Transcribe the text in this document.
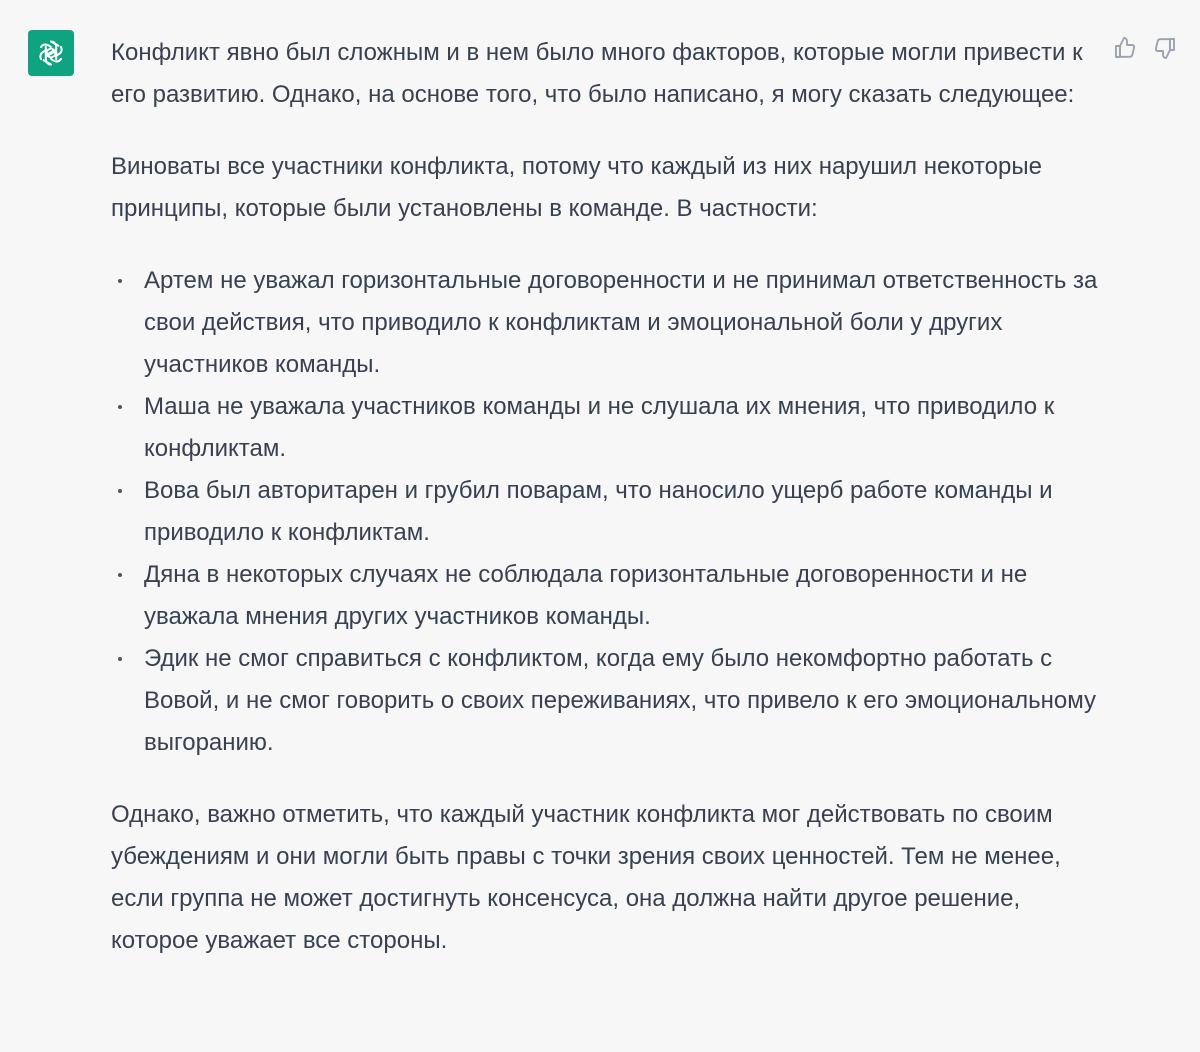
Конфликт явно был сложным и в нем было много факторов, которые могли привести к его развитию. Однако, на основе того, что было написано, я могу сказать следующее:

Виноваты все участники конфликта, потому что каждый из них нарушил некоторые принципы, которые были установлены в команде. В частности:

Артем не уважал горизонтальные договоренности и не принимал ответственность за свои действия, что приводило к конфликтам и эмоциональной боли у других участников команды.
Маша не уважала участников команды и не слушала их мнения, что приводило к конфликтам.
Вова был авторитарен и грубил поварам, что наносило ущерб работе команды и приводило к конфликтам.
Дяна в некоторых случаях не соблюдала горизонтальные договоренности и не уважала мнения других участников команды.
Эдик не смог справиться с конфликтом, когда ему было некомфортно работать с Вовой, и не смог говорить о своих переживаниях, что привело к его эмоциональному выгоранию.

Однако, важно отметить, что каждый участник конфликта мог действовать по своим убеждениям и они могли быть правы с точки зрения своих ценностей. Тем не менее, если группа не может достигнуть консенсуса, она должна найти другое решение, которое уважает все стороны.
